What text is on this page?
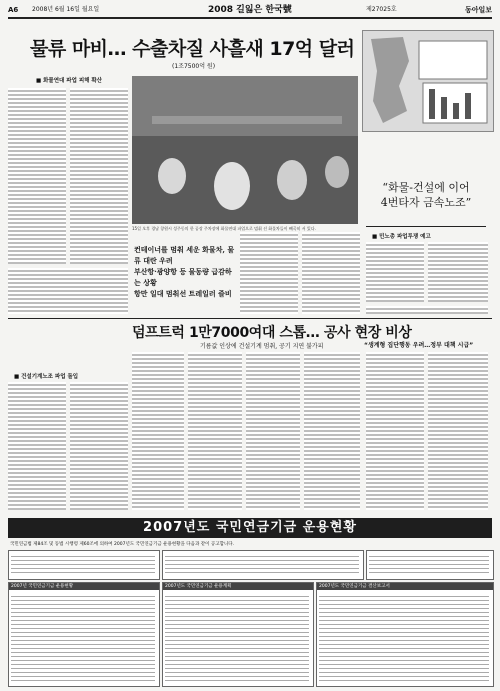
A6 2008년 6월 16일 월요일	2008 길잃은 한국號	제27025호	동아일보
물류 마비… 수출차질 사흘새 17억 달러
(1조7500억 원)
■ 화물연대 파업 피해 확산
15일 오후 경남 창원시 성주동의 한 공장 주차장에 화물연대 파업으로 멈춰 선 화물차들이 빼곡히 서 있다.
“화물-건설에 이어
4번타자 금속노조”
■ 민노총 파업투쟁 예고
컨테이너를 멈춰 세운 화물차, 물류 대란 우려
부산항·광양항 등 물동량 급감하는 상황
항만 일대 멈춰선 트레일러 즐비
덤프트럭 1만7000여대 스톱… 공사 현장 비상
기름값 인상에 건설기계 멈춰, 공기 지연 불가피
■ 건설기계노조 파업 돌입
“생계형 집단행동 우려…정부 대책 시급”
2007년도 국민연금기금 운용현황
국민연금법 제84조 및 동법 시행령 제60조에 의하여 2007년도 국민연금기금 운용현황을 다음과 같이 공고합니다.
2007년 국민연금기금 운용현황	2007년도 국민연금기금 운용계획	2007년도 국민연금기금 결산보고서
